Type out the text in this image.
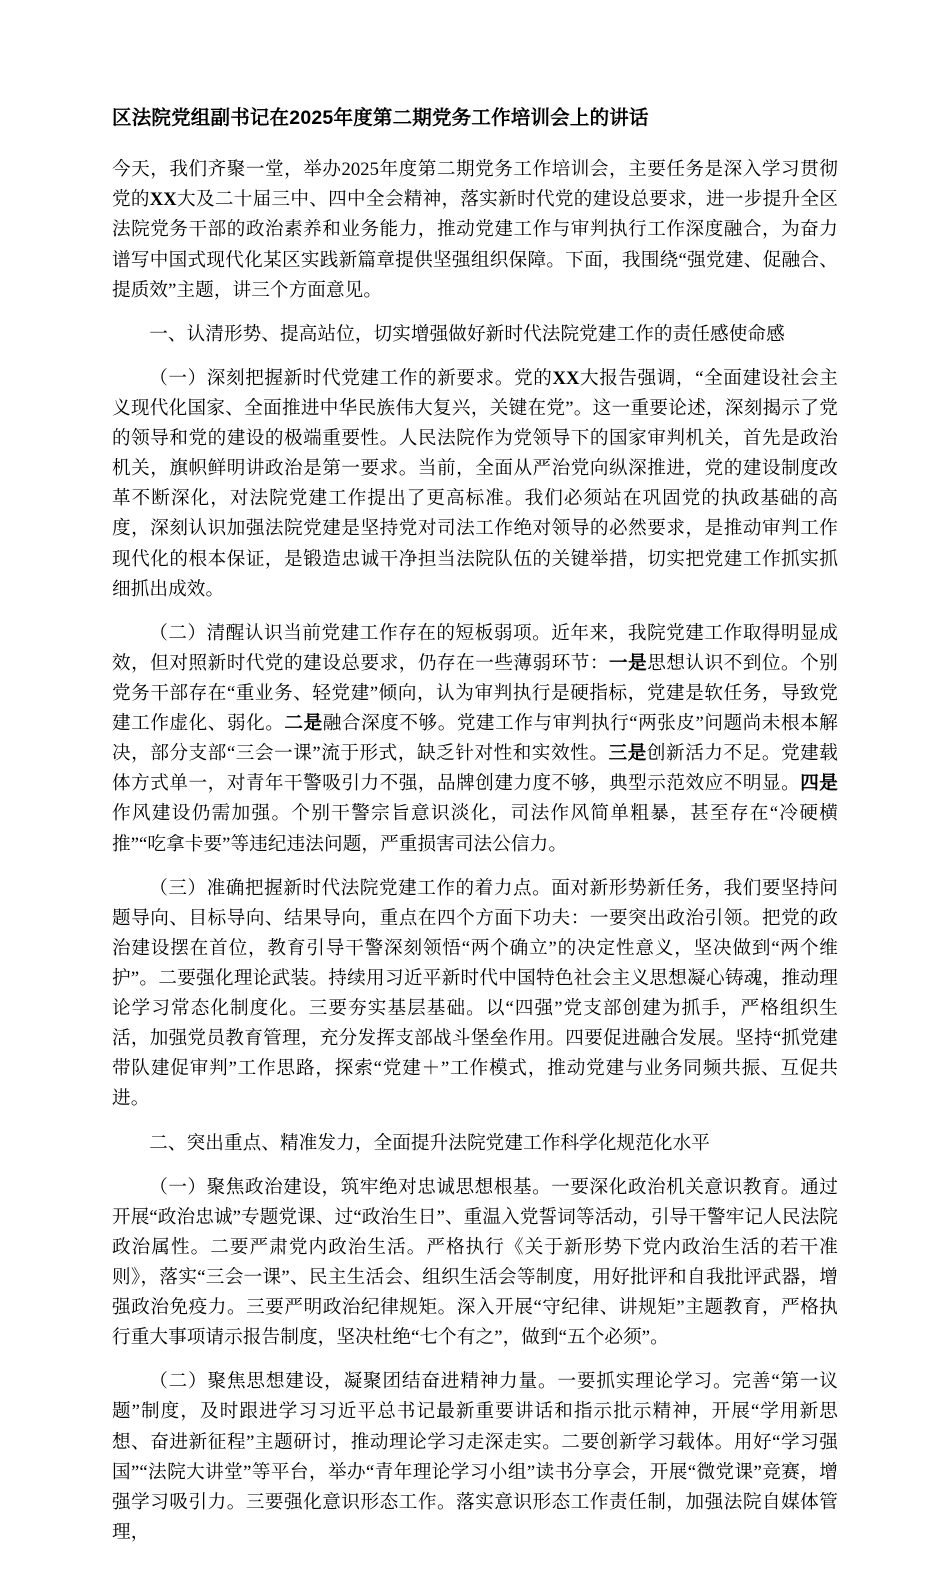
区法院党组副书记在2025年度第二期党务工作培训会上的讲话

今天，我们齐聚一堂，举办2025年度第二期党务工作培训会，主要任务是深入学习贯彻党的XX大及二十届三中、四中全会精神，落实新时代党的建设总要求，进一步提升全区法院党务干部的政治素养和业务能力，推动党建工作与审判执行工作深度融合，为奋力谱写中国式现代化某区实践新篇章提供坚强组织保障。下面，我围绕“强党建、促融合、提质效”主题，讲三个方面意见。

一、认清形势、提高站位，切实增强做好新时代法院党建工作的责任感使命感

（一）深刻把握新时代党建工作的新要求。党的XX大报告强调，“全面建设社会主义现代化国家、全面推进中华民族伟大复兴，关键在党”。这一重要论述，深刻揭示了党的领导和党的建设的极端重要性。人民法院作为党领导下的国家审判机关，首先是政治机关，旗帜鲜明讲政治是第一要求。当前，全面从严治党向纵深推进，党的建设制度改革不断深化，对法院党建工作提出了更高标准。我们必须站在巩固党的执政基础的高度，深刻认识加强法院党建是坚持党对司法工作绝对领导的必然要求，是推动审判工作现代化的根本保证，是锻造忠诚干净担当法院队伍的关键举措，切实把党建工作抓实抓细抓出成效。

（二）清醒认识当前党建工作存在的短板弱项。近年来，我院党建工作取得明显成效，但对照新时代党的建设总要求，仍存在一些薄弱环节：一是思想认识不到位。个别党务干部存在“重业务、轻党建”倾向，认为审判执行是硬指标，党建是软任务，导致党建工作虚化、弱化。二是融合深度不够。党建工作与审判执行“两张皮”问题尚未根本解决，部分支部“三会一课”流于形式，缺乏针对性和实效性。三是创新活力不足。党建载体方式单一，对青年干警吸引力不强，品牌创建力度不够，典型示范效应不明显。四是作风建设仍需加强。个别干警宗旨意识淡化，司法作风简单粗暴，甚至存在“冷硬横推”“吃拿卡要”等违纪违法问题，严重损害司法公信力。

（三）准确把握新时代法院党建工作的着力点。面对新形势新任务，我们要坚持问题导向、目标导向、结果导向，重点在四个方面下功夫：一要突出政治引领。把党的政治建设摆在首位，教育引导干警深刻领悟“两个确立”的决定性意义，坚决做到“两个维护”。二要强化理论武装。持续用习近平新时代中国特色社会主义思想凝心铸魂，推动理论学习常态化制度化。三要夯实基层基础。以“四强”党支部创建为抓手，严格组织生活，加强党员教育管理，充分发挥支部战斗堡垒作用。四要促进融合发展。坚持“抓党建带队建促审判”工作思路，探索“党建＋”工作模式，推动党建与业务同频共振、互促共进。

二、突出重点、精准发力，全面提升法院党建工作科学化规范化水平

（一）聚焦政治建设，筑牢绝对忠诚思想根基。一要深化政治机关意识教育。通过开展“政治忠诚”专题党课、过“政治生日”、重温入党誓词等活动，引导干警牢记人民法院政治属性。二要严肃党内政治生活。严格执行《关于新形势下党内政治生活的若干准则》，落实“三会一课”、民主生活会、组织生活会等制度，用好批评和自我批评武器，增强政治免疫力。三要严明政治纪律规矩。深入开展“守纪律、讲规矩”主题教育，严格执行重大事项请示报告制度，坚决杜绝“七个有之”，做到“五个必须”。

（二）聚焦思想建设，凝聚团结奋进精神力量。一要抓实理论学习。完善“第一议题”制度，及时跟进学习习近平总书记最新重要讲话和指示批示精神，开展“学用新思想、奋进新征程”主题研讨，推动理论学习走深走实。二要创新学习载体。用好“学习强国”“法院大讲堂”等平台，举办“青年理论学习小组”读书分享会，开展“微党课”竞赛，增强学习吸引力。三要强化意识形态工作。落实意识形态工作责任制，加强法院自媒体管理，
